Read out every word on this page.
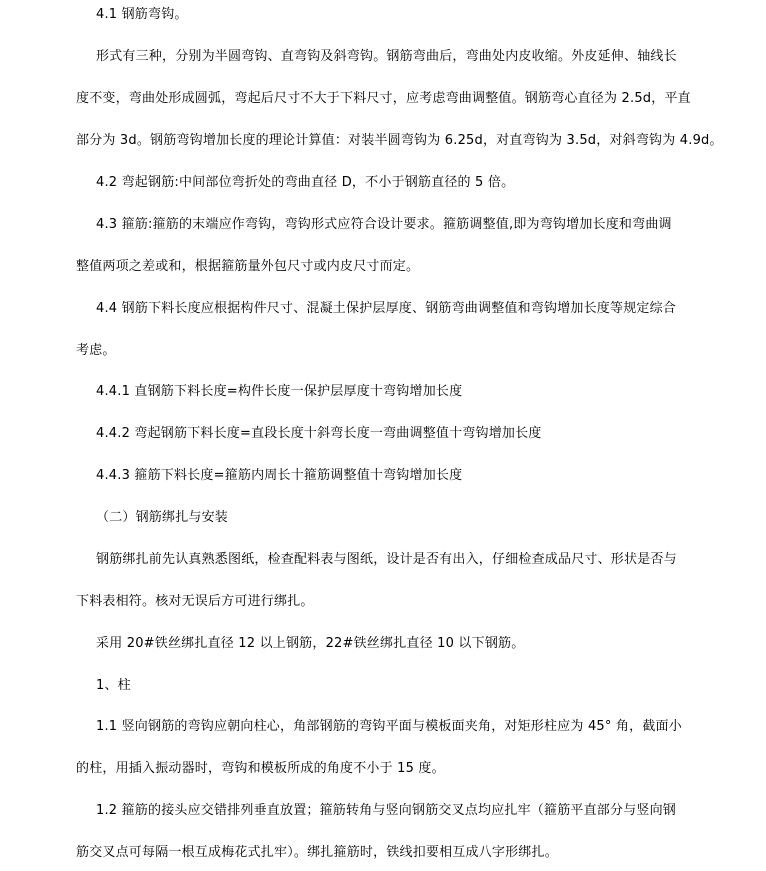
4.1 钢筋弯钩。
形式有三种，分别为半圆弯钩、直弯钩及斜弯钩。钢筋弯曲后，弯曲处内皮收缩。外皮延伸、轴线长
度不变，弯曲处形成圆弧，弯起后尺寸不大于下料尺寸，应考虑弯曲调整值。钢筋弯心直径为 2.5d，平直
部分为 3d。钢筋弯钩增加长度的理论计算值：对装半圆弯钩为 6.25d，对直弯钩为 3.5d，对斜弯钩为 4.9d。
4.2 弯起钢筋:中间部位弯折处的弯曲直径 D，不小于钢筋直径的 5 倍。
4.3 箍筋:箍筋的末端应作弯钩，弯钩形式应符合设计要求。箍筋调整值,即为弯钩增加长度和弯曲调
整值两项之差或和，根据箍筋量外包尺寸或内皮尺寸而定。
4.4 钢筋下料长度应根据构件尺寸、混凝土保护层厚度、钢筋弯曲调整值和弯钩增加长度等规定综合
考虑。
4.4.1 直钢筋下料长度=构件长度一保护层厚度十弯钩增加长度
4.4.2 弯起钢筋下料长度=直段长度十斜弯长度一弯曲调整值十弯钩增加长度
4.4.3 箍筋下料长度=箍筋内周长十箍筋调整值十弯钩增加长度
（二）钢筋绑扎与安装
钢筋绑扎前先认真熟悉图纸，检查配料表与图纸，设计是否有出入，仔细检查成品尺寸、形状是否与
下料表相符。核对无误后方可进行绑扎。
采用 20#铁丝绑扎直径 12 以上钢筋，22#铁丝绑扎直径 10 以下钢筋。
1、柱
1.1 竖向钢筋的弯钩应朝向柱心，角部钢筋的弯钩平面与模板面夹角，对矩形柱应为 45° 角，截面小
的柱，用插入振动器时，弯钩和模板所成的角度不小于 15 度。
1.2 箍筋的接头应交错排列垂直放置；箍筋转角与竖向钢筋交叉点均应扎牢（箍筋平直部分与竖向钢
筋交叉点可每隔一根互成梅花式扎牢）。绑扎箍筋时，铁线扣要相互成八字形绑扎。
